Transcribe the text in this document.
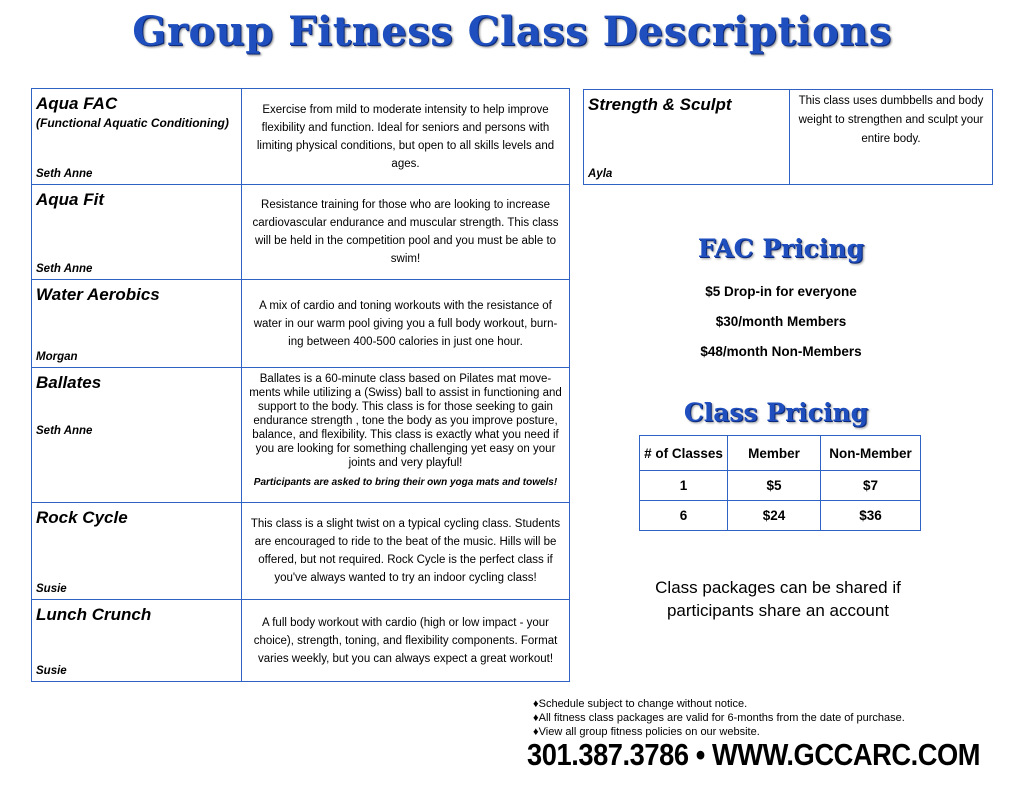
Group Fitness Class Descriptions
Aqua FAC
(Functional Aquatic Conditioning)
Seth Anne
Exercise from mild to moderate intensity to help improve flexibility and function. Ideal for seniors and persons with limiting physical conditions, but open to all skills levels and ages.
Aqua Fit
Seth Anne
Resistance training for those who are looking to increase cardiovascular endurance and muscular strength. This class will be held in the competition pool and you must be able to swim!
Water Aerobics
Morgan
A mix of cardio and toning workouts with the resistance of water in our warm pool giving you a full body workout, burn-ing between 400-500 calories in just one hour.
Ballates
Seth Anne
Ballates is a 60-minute class based on Pilates mat move-ments while utilizing a (Swiss) ball to assist in functioning and support to the body. This class is for those seeking to gain endurance strength , tone the body as you improve posture, balance, and flexibility. This class is exactly what you need if you are looking for something challenging yet easy on your joints and very playful!
Participants are asked to bring their own yoga mats and towels!
Rock Cycle
Susie
This class is a slight twist on a typical cycling class. Students are encouraged to ride to the beat of the music. Hills will be offered, but not required. Rock Cycle is the perfect class if you've always wanted to try an indoor cycling class!
Lunch Crunch
Susie
A full body workout with cardio (high or low impact - your choice), strength, toning, and flexibility components. Format varies weekly, but you can always expect a great workout!
Strength & Sculpt
Ayla
This class uses dumbbells and body weight to strengthen and sculpt your entire body.
FAC Pricing
$5 Drop-in for everyone
$30/month Members
$48/month Non-Members
Class Pricing
# of Classes	Member	Non-Member
1	$5	$7
6	$24	$36
Class packages can be shared if
participants share an account
♦Schedule subject to change without notice.
♦All fitness class packages are valid for 6-months from the date of purchase.
♦View all group fitness policies on our website.
301.387.3786 • WWW.GCCARC.COM
